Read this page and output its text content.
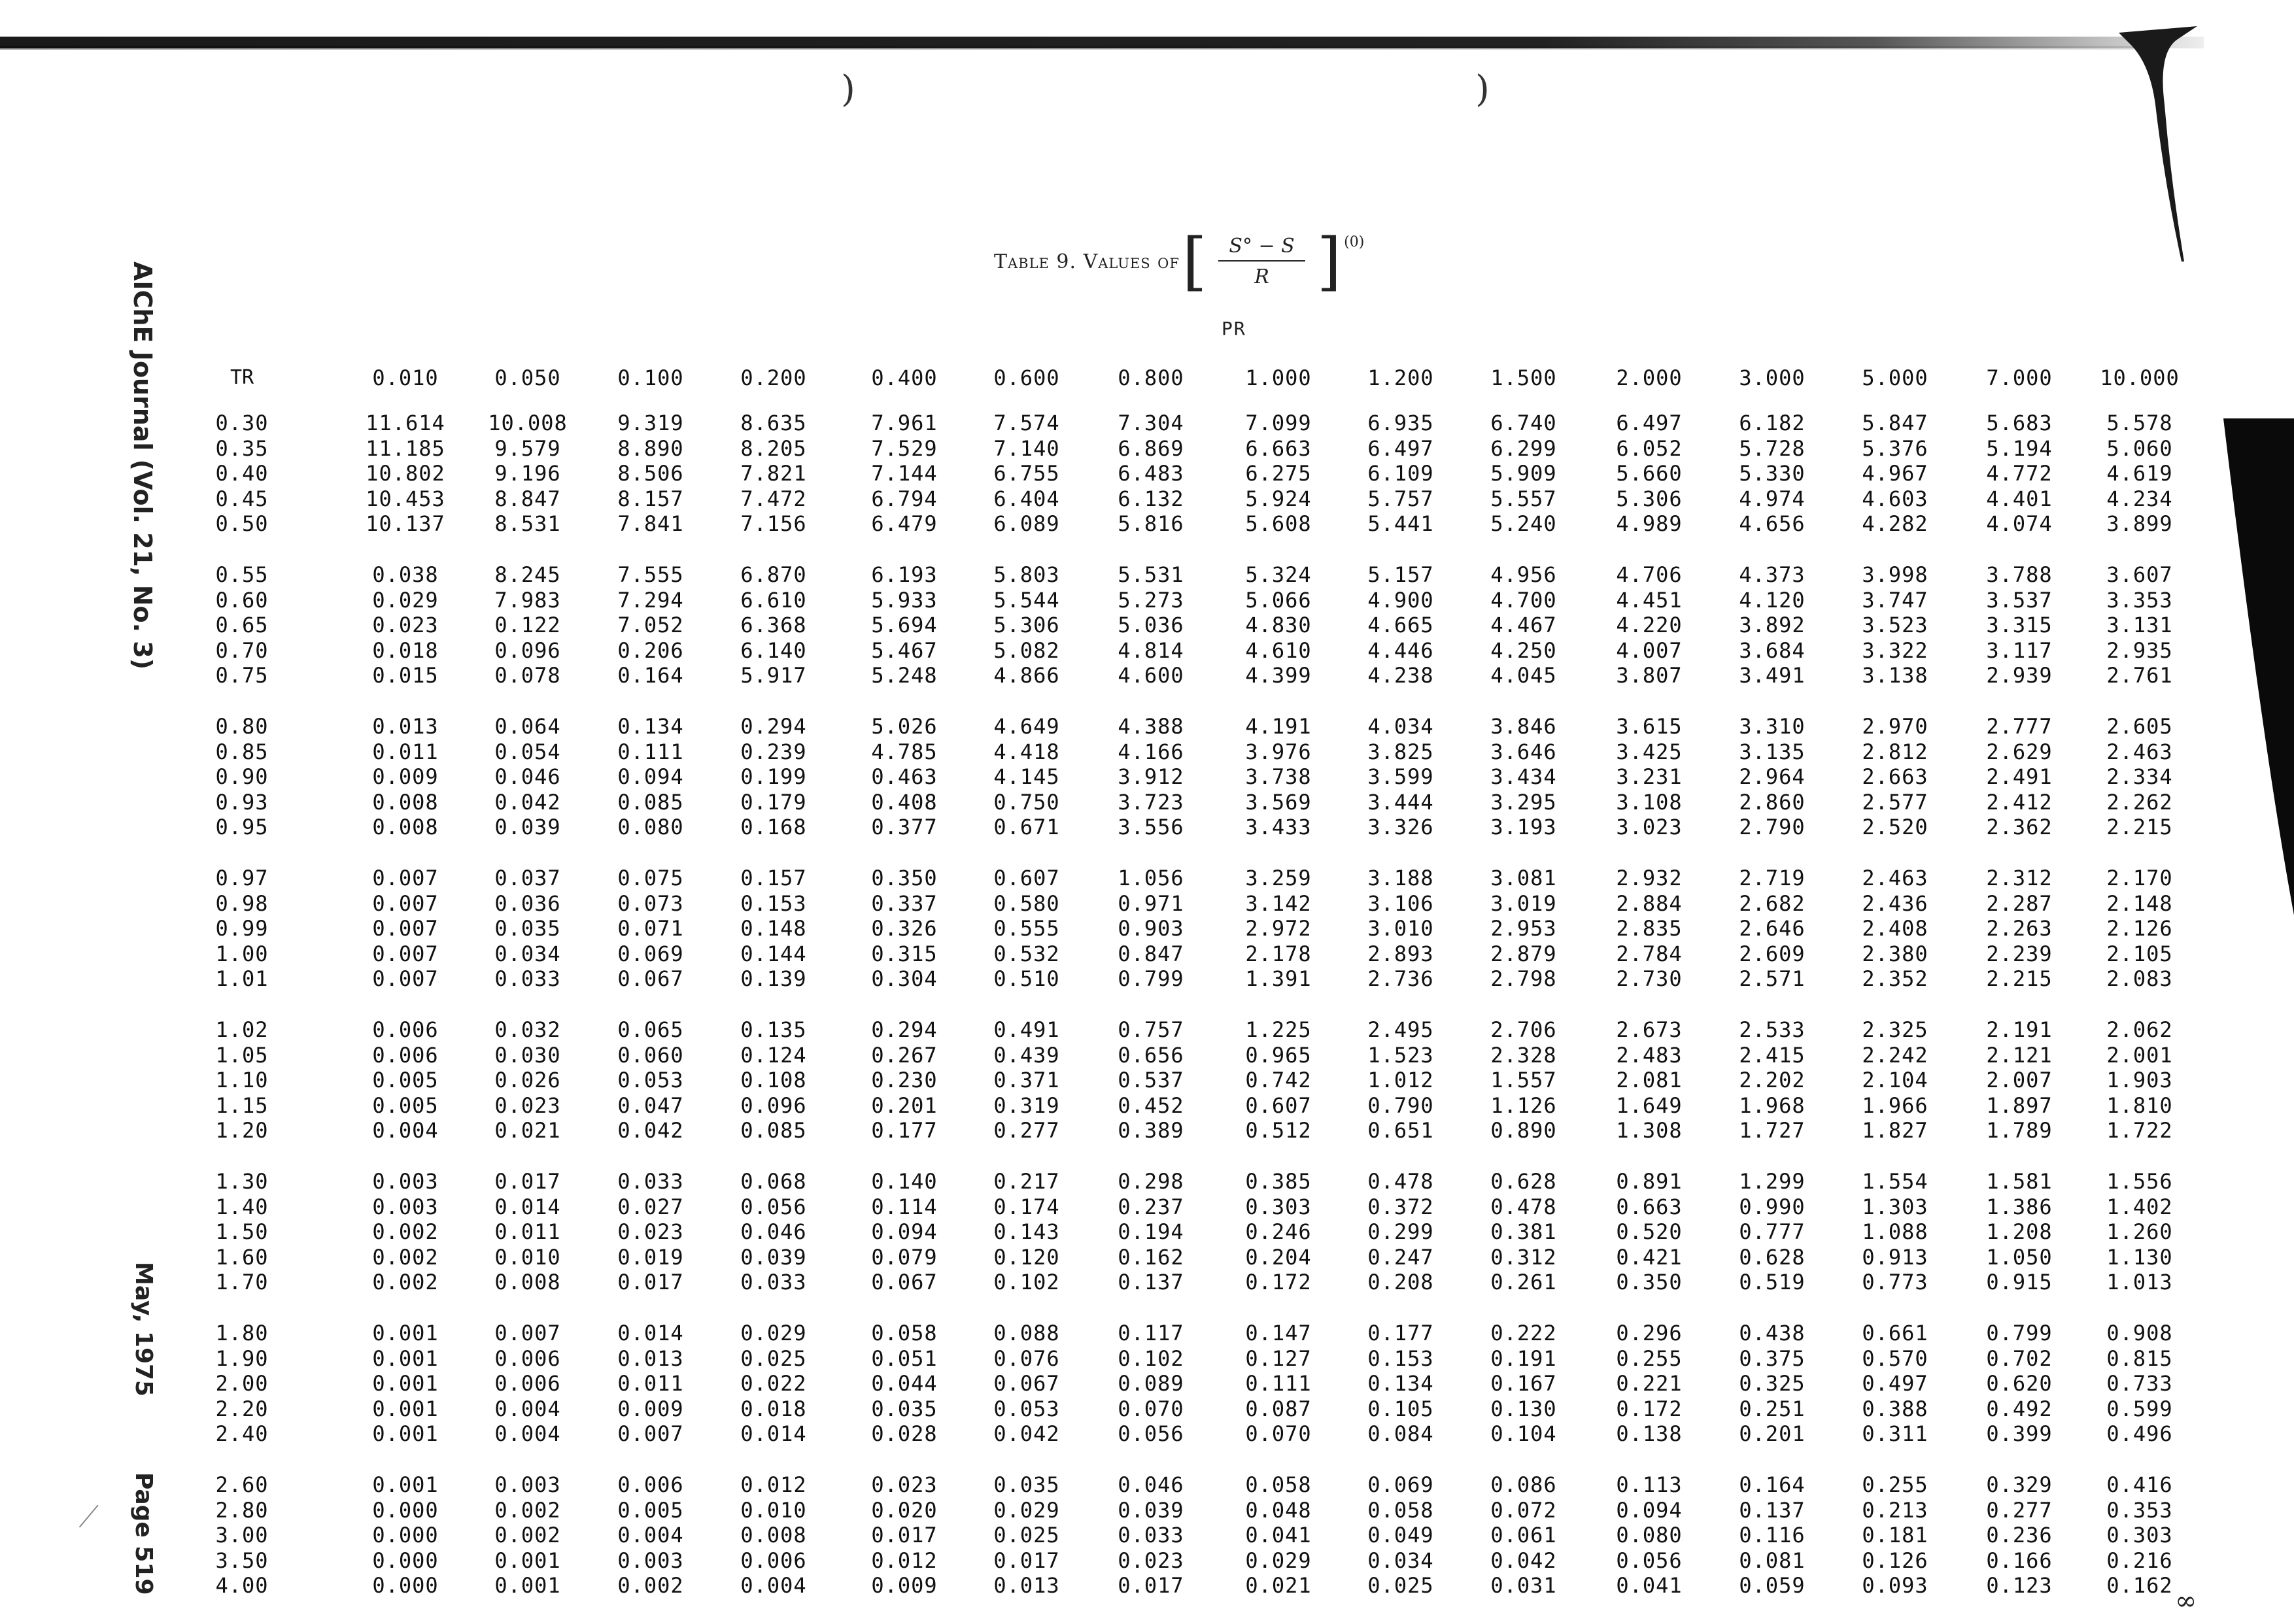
)	)
AIChE Journal (Vol. 21, No. 3)
May, 1975
Page 519
Table 9. Values of [ $\frac{S^\circ - S}{R}$ ] (0)
PR
TR	0.010	0.050	0.100	0.200	0.400	0.600	0.800	1.000	1.200	1.500	2.000	3.000	5.000	7.000	10.000
0.30	11.614	10.008	9.319	8.635	7.961	7.574	7.304	7.099	6.935	6.740	6.497	6.182	5.847	5.683	5.578
0.35	11.185	9.579	8.890	8.205	7.529	7.140	6.869	6.663	6.497	6.299	6.052	5.728	5.376	5.194	5.060
0.40	10.802	9.196	8.506	7.821	7.144	6.755	6.483	6.275	6.109	5.909	5.660	5.330	4.967	4.772	4.619
0.45	10.453	8.847	8.157	7.472	6.794	6.404	6.132	5.924	5.757	5.557	5.306	4.974	4.603	4.401	4.234
0.50	10.137	8.531	7.841	7.156	6.479	6.089	5.816	5.608	5.441	5.240	4.989	4.656	4.282	4.074	3.899
0.55	0.038	8.245	7.555	6.870	6.193	5.803	5.531	5.324	5.157	4.956	4.706	4.373	3.998	3.788	3.607
0.60	0.029	7.983	7.294	6.610	5.933	5.544	5.273	5.066	4.900	4.700	4.451	4.120	3.747	3.537	3.353
0.65	0.023	0.122	7.052	6.368	5.694	5.306	5.036	4.830	4.665	4.467	4.220	3.892	3.523	3.315	3.131
0.70	0.018	0.096	0.206	6.140	5.467	5.082	4.814	4.610	4.446	4.250	4.007	3.684	3.322	3.117	2.935
0.75	0.015	0.078	0.164	5.917	5.248	4.866	4.600	4.399	4.238	4.045	3.807	3.491	3.138	2.939	2.761
0.80	0.013	0.064	0.134	0.294	5.026	4.649	4.388	4.191	4.034	3.846	3.615	3.310	2.970	2.777	2.605
0.85	0.011	0.054	0.111	0.239	4.785	4.418	4.166	3.976	3.825	3.646	3.425	3.135	2.812	2.629	2.463
0.90	0.009	0.046	0.094	0.199	0.463	4.145	3.912	3.738	3.599	3.434	3.231	2.964	2.663	2.491	2.334
0.93	0.008	0.042	0.085	0.179	0.408	0.750	3.723	3.569	3.444	3.295	3.108	2.860	2.577	2.412	2.262
0.95	0.008	0.039	0.080	0.168	0.377	0.671	3.556	3.433	3.326	3.193	3.023	2.790	2.520	2.362	2.215
0.97	0.007	0.037	0.075	0.157	0.350	0.607	1.056	3.259	3.188	3.081	2.932	2.719	2.463	2.312	2.170
0.98	0.007	0.036	0.073	0.153	0.337	0.580	0.971	3.142	3.106	3.019	2.884	2.682	2.436	2.287	2.148
0.99	0.007	0.035	0.071	0.148	0.326	0.555	0.903	2.972	3.010	2.953	2.835	2.646	2.408	2.263	2.126
1.00	0.007	0.034	0.069	0.144	0.315	0.532	0.847	2.178	2.893	2.879	2.784	2.609	2.380	2.239	2.105
1.01	0.007	0.033	0.067	0.139	0.304	0.510	0.799	1.391	2.736	2.798	2.730	2.571	2.352	2.215	2.083
1.02	0.006	0.032	0.065	0.135	0.294	0.491	0.757	1.225	2.495	2.706	2.673	2.533	2.325	2.191	2.062
1.05	0.006	0.030	0.060	0.124	0.267	0.439	0.656	0.965	1.523	2.328	2.483	2.415	2.242	2.121	2.001
1.10	0.005	0.026	0.053	0.108	0.230	0.371	0.537	0.742	1.012	1.557	2.081	2.202	2.104	2.007	1.903
1.15	0.005	0.023	0.047	0.096	0.201	0.319	0.452	0.607	0.790	1.126	1.649	1.968	1.966	1.897	1.810
1.20	0.004	0.021	0.042	0.085	0.177	0.277	0.389	0.512	0.651	0.890	1.308	1.727	1.827	1.789	1.722
1.30	0.003	0.017	0.033	0.068	0.140	0.217	0.298	0.385	0.478	0.628	0.891	1.299	1.554	1.581	1.556
1.40	0.003	0.014	0.027	0.056	0.114	0.174	0.237	0.303	0.372	0.478	0.663	0.990	1.303	1.386	1.402
1.50	0.002	0.011	0.023	0.046	0.094	0.143	0.194	0.246	0.299	0.381	0.520	0.777	1.088	1.208	1.260
1.60	0.002	0.010	0.019	0.039	0.079	0.120	0.162	0.204	0.247	0.312	0.421	0.628	0.913	1.050	1.130
1.70	0.002	0.008	0.017	0.033	0.067	0.102	0.137	0.172	0.208	0.261	0.350	0.519	0.773	0.915	1.013
1.80	0.001	0.007	0.014	0.029	0.058	0.088	0.117	0.147	0.177	0.222	0.296	0.438	0.661	0.799	0.908
1.90	0.001	0.006	0.013	0.025	0.051	0.076	0.102	0.127	0.153	0.191	0.255	0.375	0.570	0.702	0.815
2.00	0.001	0.006	0.011	0.022	0.044	0.067	0.089	0.111	0.134	0.167	0.221	0.325	0.497	0.620	0.733
2.20	0.001	0.004	0.009	0.018	0.035	0.053	0.070	0.087	0.105	0.130	0.172	0.251	0.388	0.492	0.599
2.40	0.001	0.004	0.007	0.014	0.028	0.042	0.056	0.070	0.084	0.104	0.138	0.201	0.311	0.399	0.496
2.60	0.001	0.003	0.006	0.012	0.023	0.035	0.046	0.058	0.069	0.086	0.113	0.164	0.255	0.329	0.416
2.80	0.000	0.002	0.005	0.010	0.020	0.029	0.039	0.048	0.058	0.072	0.094	0.137	0.213	0.277	0.353
3.00	0.000	0.002	0.004	0.008	0.017	0.025	0.033	0.041	0.049	0.061	0.080	0.116	0.181	0.236	0.303
3.50	0.000	0.001	0.003	0.006	0.012	0.017	0.023	0.029	0.034	0.042	0.056	0.081	0.126	0.166	0.216
4.00	0.000	0.001	0.002	0.004	0.009	0.013	0.017	0.021	0.025	0.031	0.041	0.059	0.093	0.123	0.162
∞
